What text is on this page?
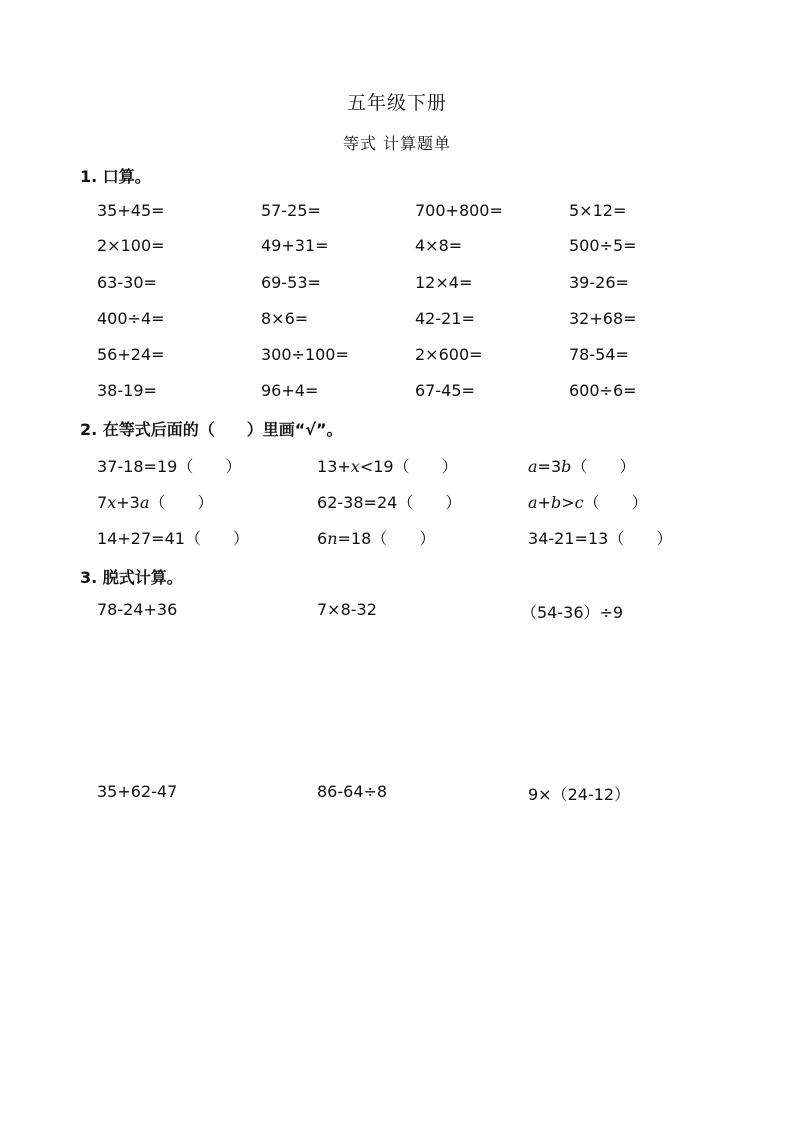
五年级下册
等式 计算题单
1. 口算。
35+45=	57-25=	700+800=	5×12=
2×100=	49+31=	4×8=	500÷5=
63-30=	69-53=	12×4=	39-26=
400÷4=	8×6=	42-21=	32+68=
56+24=	300÷100=	2×600=	78-54=
38-19=	96+4=	67-45=	600÷6=
2. 在等式后面的（　　）里画“√”。
37-18=19（　　 ）	13+x<19（　　 ）	a=3b（　　 ）
7x+3a（　　 ）	62-38=24（　　 ）	a+b>c（　　 ）
14+27=41（　　 ）	6n=18（　　 ）	34-21=13（　　 ）
3. 脱式计算。
78-24+36	7×8-32	（54-36）÷9
35+62-47	86-64÷8	9×（24-12）
